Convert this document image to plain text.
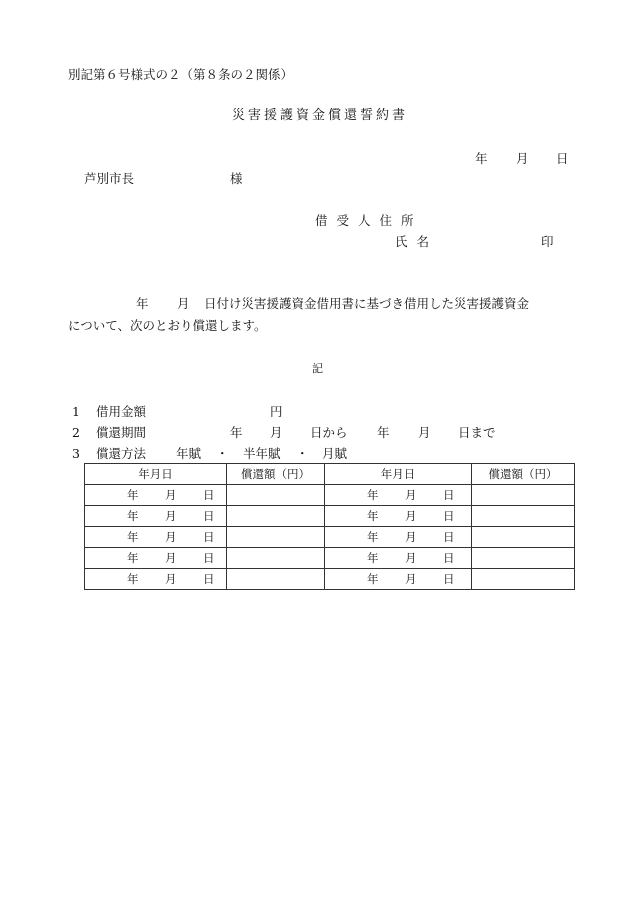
別記第６号様式の２（第８条の２関係）
災害援護資金償還誓約書
年 月 日
芦別市長	様
借受人住所
氏名	印
年 月 日付け災害援護資金借用書に基づき借用した災害援護資金
について、次のとおり償還します。
記
1 借用金額	円
2 償還期間	年 月 日から 年 月 日まで
3 償還方法 年賦 ・ 半年賦 ・ 月賦
年月日	償還額（円）	年月日	償還額（円）

年 月 日		年 月 日	

年 月 日		年 月 日	

年 月 日		年 月 日	

年 月 日		年 月 日	

年 月 日		年 月 日	
